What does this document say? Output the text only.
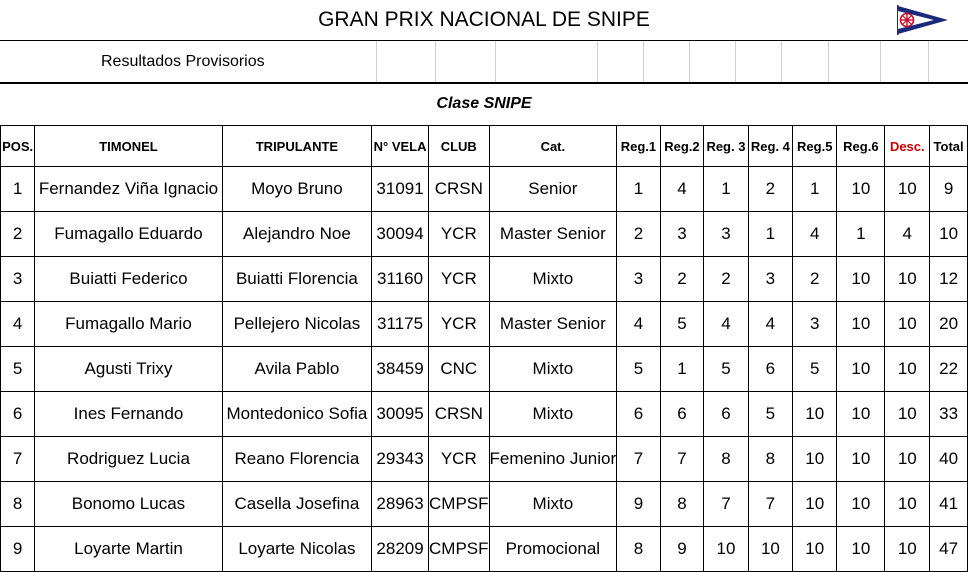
GRAN PRIX NACIONAL DE SNIPE
Resultados Provisorios
Clase SNIPE
POS.	TIMONEL	TRIPULANTE	N° VELA	CLUB	Cat.	Reg.1	Reg.2	Reg. 3	Reg. 4	Reg.5	Reg.6	Desc.	Total
1	Fernandez Viña Ignacio	Moyo Bruno	31091	CRSN	Senior	1	4	1	2	1	10	10	9
2	Fumagallo Eduardo	Alejandro Noe	30094	YCR	Master Senior	2	3	3	1	4	1	4	10
3	Buiatti Federico	Buiatti Florencia	31160	YCR	Mixto	3	2	2	3	2	10	10	12
4	Fumagallo Mario	Pellejero Nicolas	31175	YCR	Master Senior	4	5	4	4	3	10	10	20
5	Agusti Trixy	Avila Pablo	38459	CNC	Mixto	5	1	5	6	5	10	10	22
6	Ines Fernando	Montedonico Sofia	30095	CRSN	Mixto	6	6	6	5	10	10	10	33
7	Rodriguez Lucia	Reano Florencia	29343	YCR	Femenino Junior	7	7	8	8	10	10	10	40
8	Bonomo Lucas	Casella Josefina	28963	CMPSF	Mixto	9	8	7	7	10	10	10	41
9	Loyarte Martin	Loyarte Nicolas	28209	CMPSF	Promocional	8	9	10	10	10	10	10	47
